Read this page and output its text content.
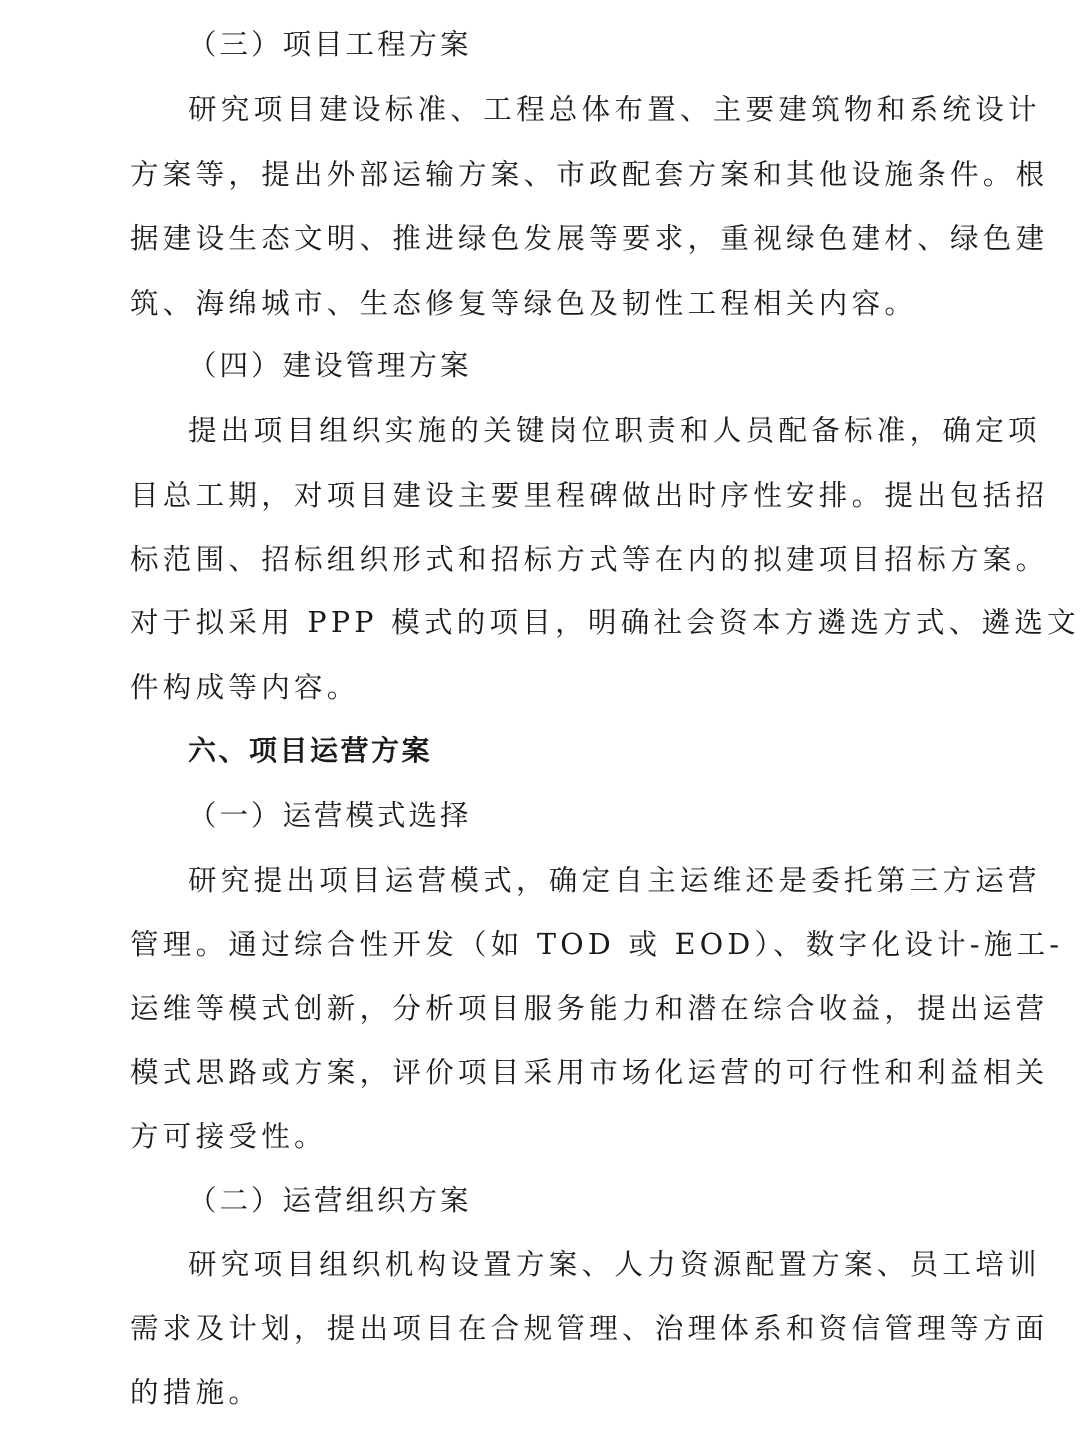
（三）项目工程方案
研究项目建设标准、工程总体布置、主要建筑物和系统设计
方案等，提出外部运输方案、市政配套方案和其他设施条件。根
据建设生态文明、推进绿色发展等要求，重视绿色建材、绿色建
筑、海绵城市、生态修复等绿色及韧性工程相关内容。
（四）建设管理方案
提出项目组织实施的关键岗位职责和人员配备标准，确定项
目总工期，对项目建设主要里程碑做出时序性安排。提出包括招
标范围、招标组织形式和招标方式等在内的拟建项目招标方案。
对于拟采用 PPP 模式的项目，明确社会资本方遴选方式、遴选文
件构成等内容。
六、项目运营方案
（一）运营模式选择
研究提出项目运营模式，确定自主运维还是委托第三方运营
管理。通过综合性开发（如 TOD 或 EOD）、数字化设计-施工-
运维等模式创新，分析项目服务能力和潜在综合收益，提出运营
模式思路或方案，评价项目采用市场化运营的可行性和利益相关
方可接受性。
（二）运营组织方案
研究项目组织机构设置方案、人力资源配置方案、员工培训
需求及计划，提出项目在合规管理、治理体系和资信管理等方面
的措施。
